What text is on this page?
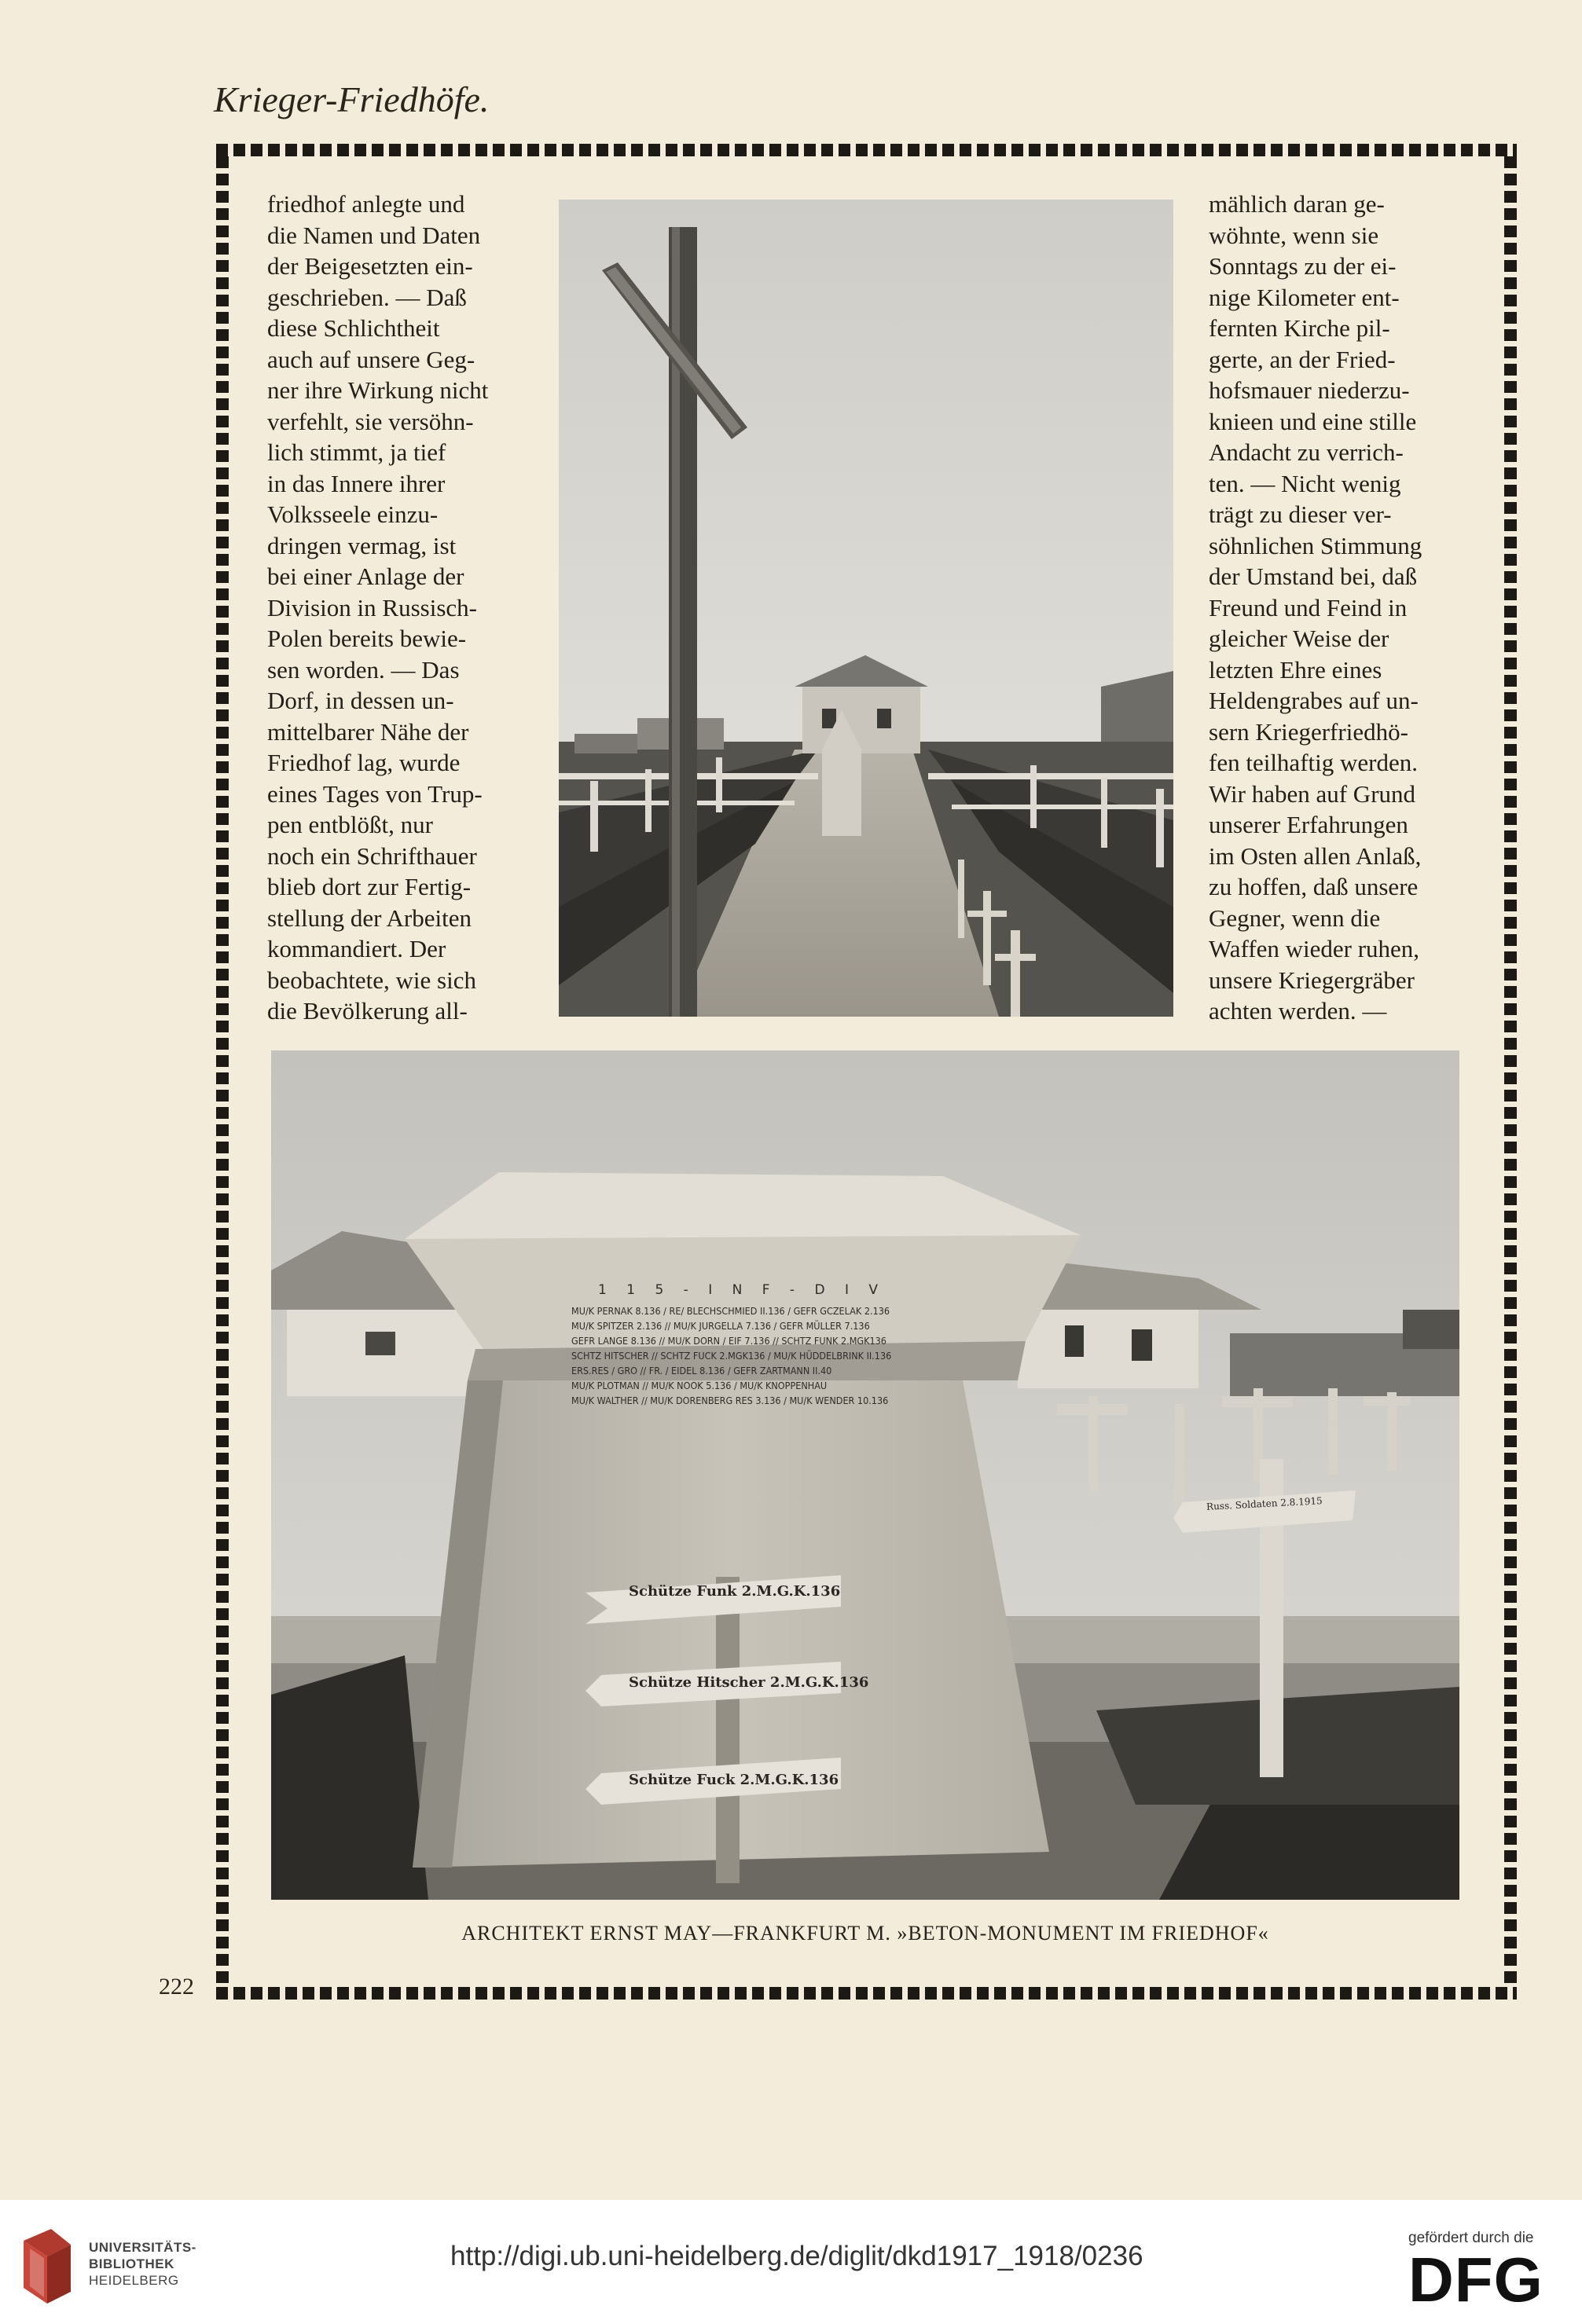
Krieger-Friedhöfe.
222
friedhof anlegte und
die Namen und Daten
der Beigesetzten ein-
geschrieben. — Daß
diese Schlichtheit
auch auf unsere Geg-
ner ihre Wirkung nicht
verfehlt, sie versöhn-
lich stimmt, ja tief
in das Innere ihrer
Volksseele einzu-
dringen vermag, ist
bei einer Anlage der
Division in Russisch-
Polen bereits bewie-
sen worden. — Das
Dorf, in dessen un-
mittelbarer Nähe der
Friedhof lag, wurde
eines Tages von Trup-
pen entblößt, nur
noch ein Schrifthauer
blieb dort zur Fertig-
stellung der Arbeiten
kommandiert. Der
beobachtete, wie sich
die Bevölkerung all-
mählich daran ge-
wöhnte, wenn sie
Sonntags zu der ei-
nige Kilometer ent-
fernten Kirche pil-
gerte, an der Fried-
hofsmauer niederzu-
knieen und eine stille
Andacht zu verrich-
ten. — Nicht wenig
trägt zu dieser ver-
söhnlichen Stimmung
der Umstand bei, daß
Freund und Feind in
gleicher Weise der
letzten Ehre eines
Heldengrabes auf un-
sern Kriegerfriedhö-
fen teilhaftig werden.
Wir haben auf Grund
unserer Erfahrungen
im Osten allen Anlaß,
zu hoffen, daß unsere
Gegner, wenn die
Waffen wieder ruhen,
unsere Kriegergräber
achten werden. —
1 1 5 - I N F - D I V
MU/K PERNAK 8.136 / RE/ BLECHSCHMIED II.136 / GEFR GCZELAK 2.136
MU/K SPITZER 2.136 // MU/K JURGELLA 7.136 / GEFR MÜLLER 7.136
GEFR LANGE 8.136 // MU/K DORN / EIF 7.136 // SCHTZ FUNK 2.MGK136
SCHTZ HITSCHER // SCHTZ FUCK 2.MGK136 / MU/K HÜDDELBRINK II.136
ERS.RES / GRO // FR. / EIDEL 8.136 / GEFR ZARTMANN II.40
MU/K PLOTMAN // MU/K NOOK 5.136 / MU/K KNOPPENHAU
MU/K WALTHER // MU/K DORENBERG RES 3.136 / MU/K WENDER 10.136
Schütze Funk 2.M.G.K.136
Schütze Hitscher 2.M.G.K.136
Schütze Fuck 2.M.G.K.136
Russ. Soldaten 2.8.1915
ARCHITEKT ERNST MAY—FRANKFURT M. »BETON-MONUMENT IM FRIEDHOF«
UNIVERSITÄTS-
BIBLIOTHEK
HEIDELBERG
http://digi.ub.uni-heidelberg.de/diglit/dkd1917_1918/0236
gefördert durch die
DFG
